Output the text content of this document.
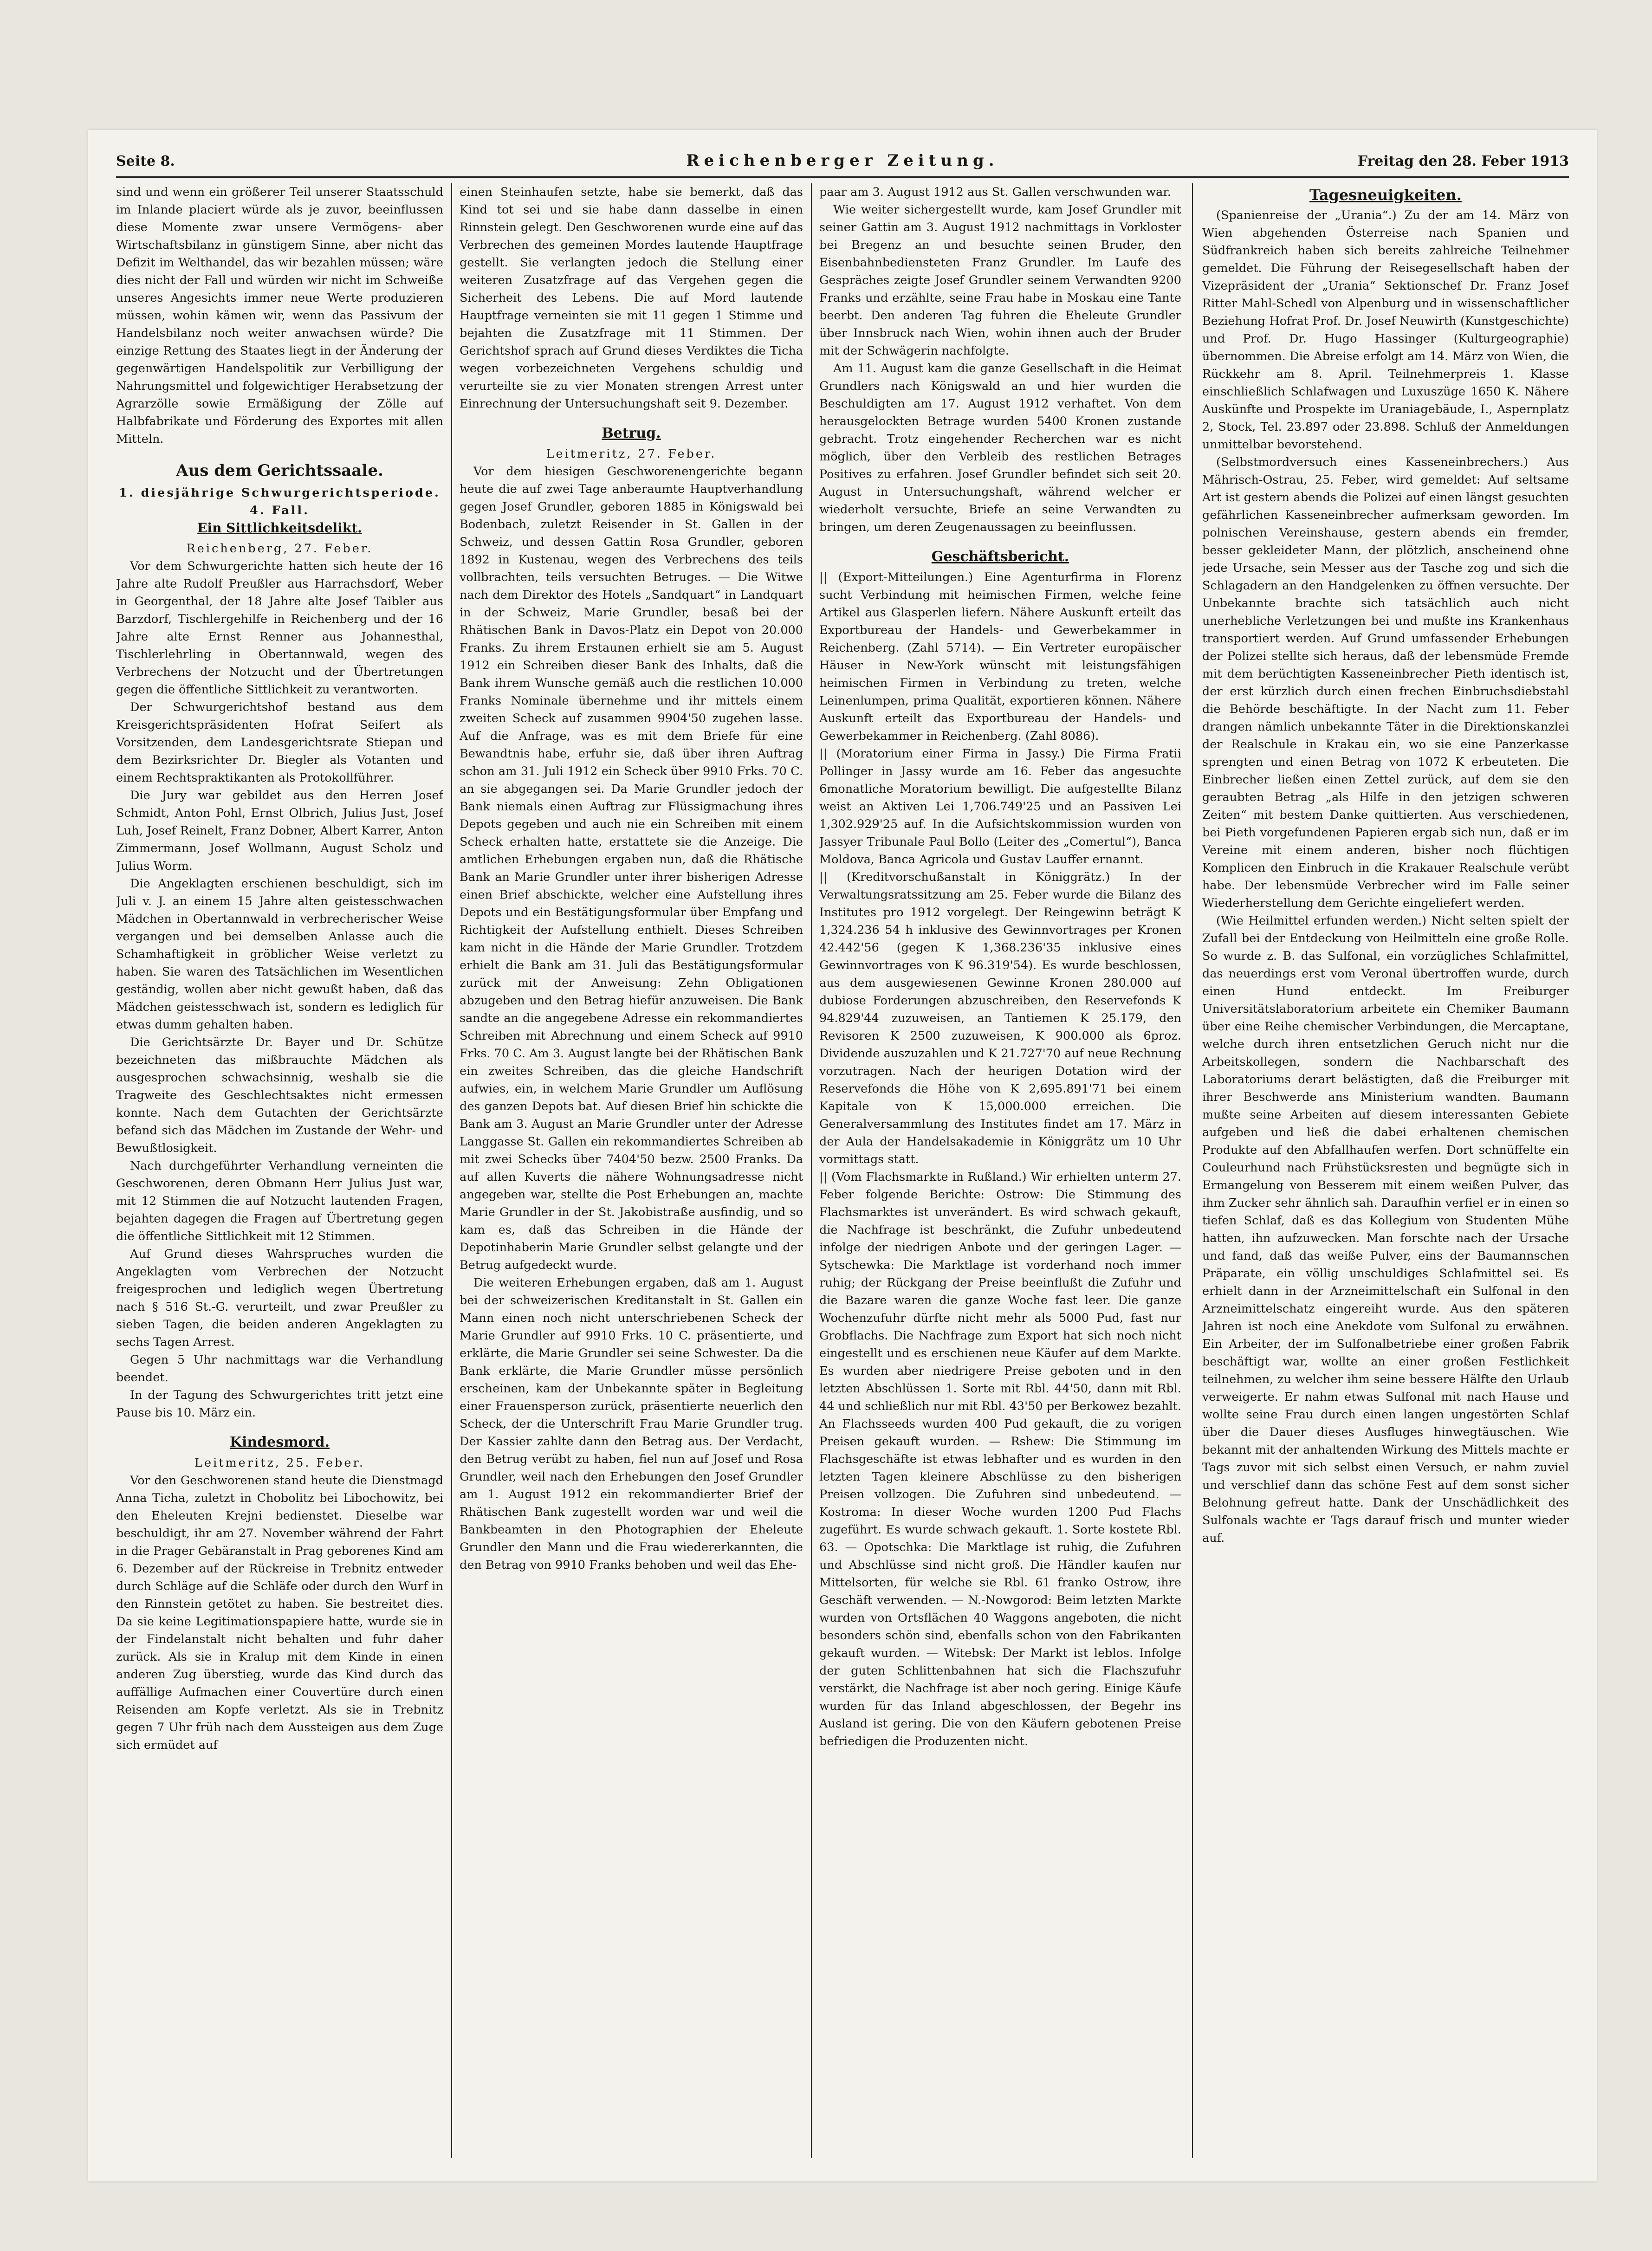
Seite 8.	Reichenberger Zeitung.	Freitag den 28. Feber 1913

sind und wenn ein größerer Teil unserer Staatsschuld im Inlande placiert würde als je zuvor, beeinflussen diese Momente zwar unsere Vermögens- aber Wirtschaftsbilanz in günstigem Sinne, aber nicht das Defizit im Welthandel, das wir bezahlen müssen; wäre dies nicht der Fall und würden wir nicht im Schweiße unseres Angesichts immer neue Werte produzieren müssen, wohin kämen wir, wenn das Passivum der Handelsbilanz noch weiter anwachsen würde? Die einzige Rettung des Staates liegt in der Änderung der gegenwärtigen Handelspolitik zur Verbilligung der Nahrungsmittel und folgewichtiger Herabsetzung der Agrarzölle sowie Ermäßigung der Zölle auf Halbfabrikate und Förderung des Exportes mit allen Mitteln.

Aus dem Gerichtssaale.
1. diesjährige Schwurgerichtsperiode. 4. Fall.
Ein Sittlichkeitsdelikt.
Reichenberg, 27. Feber.

Vor dem Schwurgerichte hatten sich heute der 16 Jahre alte Rudolf Preußler aus Harrachsdorf, Weber in Georgenthal, der 18 Jahre alte Josef Taibler aus Barzdorf, Tischlergehilfe in Reichenberg und der 16 Jahre alte Ernst Renner aus Johannesthal, Tischlerlehrling in Obertannwald, wegen des Verbrechens der Notzucht und der Übertretungen gegen die öffentliche Sittlichkeit zu verantworten.

Der Schwurgerichtshof bestand aus dem Kreisgerichtspräsidenten Hofrat Seifert als Vorsitzenden, dem Landesgerichtsrate Stiepan und dem Bezirksrichter Dr. Biegler als Votanten und einem Rechtspraktikanten als Protokollführer.

Die Jury war gebildet aus den Herren Josef Schmidt, Anton Pohl, Ernst Olbrich, Julius Just, Josef Luh, Josef Reinelt, Franz Dobner, Albert Karrer, Anton Zimmermann, Josef Wollmann, August Scholz und Julius Worm.

Die Angeklagten erschienen beschuldigt, sich im Juli v. J. an einem 15 Jahre alten geistesschwachen Mädchen in Obertannwald in verbrecherischer Weise vergangen und bei demselben Anlasse auch die Schamhaftigkeit in gröblicher Weise verletzt zu haben. Sie waren des Tatsächlichen im Wesentlichen geständig, wollen aber nicht gewußt haben, daß das Mädchen geistesschwach ist, sondern es lediglich für etwas dumm gehalten haben.

Die Gerichtsärzte Dr. Bayer und Dr. Schütze bezeichneten das mißbrauchte Mädchen als ausgesprochen schwachsinnig, weshalb sie die Tragweite des Geschlechtsaktes nicht ermessen konnte. Nach dem Gutachten der Gerichtsärzte befand sich das Mädchen im Zustande der Wehr- und Bewußtlosigkeit.

Nach durchgeführter Verhandlung verneinten die Geschworenen, deren Obmann Herr Julius Just war, mit 12 Stimmen die auf Notzucht lautenden Fragen, bejahten dagegen die Fragen auf Übertretung gegen die öffentliche Sittlichkeit mit 12 Stimmen.

Auf Grund dieses Wahrspruches wurden die Angeklagten vom Verbrechen der Notzucht freigesprochen und lediglich wegen Übertretung nach § 516 St.-G. verurteilt, und zwar Preußler zu sieben Tagen, die beiden anderen Angeklagten zu sechs Tagen Arrest.

Gegen 5 Uhr nachmittags war die Verhandlung beendet.

In der Tagung des Schwurgerichtes tritt jetzt eine Pause bis 10. März ein.

Kindesmord.
Leitmeritz, 25. Feber.

Vor den Geschworenen stand heute die Dienstmagd Anna Ticha, zuletzt in Chobolitz bei Libochowitz, bei den Eheleuten Krejni bedienstet. Dieselbe war beschuldigt, ihr am 27. November während der Fahrt in die Prager Gebäranstalt in Prag geborenes Kind am 6. Dezember auf der Rückreise in Trebnitz entweder durch Schläge auf die Schläfe oder durch den Wurf in den Rinnstein getötet zu haben. Sie bestreitet dies. Da sie keine Legitimationspapiere hatte, wurde sie in der Findelanstalt nicht behalten und fuhr daher zurück. Als sie in Kralup mit dem Kinde in einen anderen Zug überstieg, wurde das Kind durch das auffällige Aufmachen einer Couvertüre durch einen Reisenden am Kopfe verletzt. Als sie in Trebnitz gegen 7 Uhr früh nach dem Aussteigen aus dem Zuge sich ermüdet auf

einen Steinhaufen setzte, habe sie bemerkt, daß das Kind tot sei und sie habe dann dasselbe in einen Rinnstein gelegt. Den Geschworenen wurde eine auf das Verbrechen des gemeinen Mordes lautende Hauptfrage gestellt. Sie verlangten jedoch die Stellung einer weiteren Zusatzfrage auf das Vergehen gegen die Sicherheit des Lebens. Die auf Mord lautende Hauptfrage verneinten sie mit 11 gegen 1 Stimme und bejahten die Zusatzfrage mit 11 Stimmen. Der Gerichtshof sprach auf Grund dieses Verdiktes die Ticha wegen vorbezeichneten Vergehens schuldig und verurteilte sie zu vier Monaten strengen Arrest unter Einrechnung der Untersuchungshaft seit 9. Dezember.

Betrug.
Leitmeritz, 27. Feber.

Vor dem hiesigen Geschworenengerichte begann heute die auf zwei Tage anberaumte Hauptverhandlung gegen Josef Grundler, geboren 1885 in Königswald bei Bodenbach, zuletzt Reisender in St. Gallen in der Schweiz, und dessen Gattin Rosa Grundler, geboren 1892 in Kustenau, wegen des Verbrechens des teils vollbrachten, teils versuchten Betruges. — Die Witwe nach dem Direktor des Hotels „Sandquart“ in Landquart in der Schweiz, Marie Grundler, besaß bei der Rhätischen Bank in Davos-Platz ein Depot von 20.000 Franks. Zu ihrem Erstaunen erhielt sie am 5. August 1912 ein Schreiben dieser Bank des Inhalts, daß die Bank ihrem Wunsche gemäß auch die restlichen 10.000 Franks Nominale übernehme und ihr mittels einem zweiten Scheck auf zusammen 9904'50 zugehen lasse. Auf die Anfrage, was es mit dem Briefe für eine Bewandtnis habe, erfuhr sie, daß über ihren Auftrag schon am 31. Juli 1912 ein Scheck über 9910 Frks. 70 C. an sie abgegangen sei. Da Marie Grundler jedoch der Bank niemals einen Auftrag zur Flüssigmachung ihres Depots gegeben und auch nie ein Schreiben mit einem Scheck erhalten hatte, erstattete sie die Anzeige. Die amtlichen Erhebungen ergaben nun, daß die Rhätische Bank an Marie Grundler unter ihrer bisherigen Adresse einen Brief abschickte, welcher eine Aufstellung ihres Depots und ein Bestätigungsformular über Empfang und Richtigkeit der Aufstellung enthielt. Dieses Schreiben kam nicht in die Hände der Marie Grundler. Trotzdem erhielt die Bank am 31. Juli das Bestätigungsformular zurück mit der Anweisung: Zehn Obligationen abzugeben und den Betrag hiefür anzuweisen. Die Bank sandte an die angegebene Adresse ein rekommandiertes Schreiben mit Abrechnung und einem Scheck auf 9910 Frks. 70 C. Am 3. August langte bei der Rhätischen Bank ein zweites Schreiben, das die gleiche Handschrift aufwies, ein, in welchem Marie Grundler um Auflösung des ganzen Depots bat. Auf diesen Brief hin schickte die Bank am 3. August an Marie Grundler unter der Adresse Langgasse St. Gallen ein rekommandiertes Schreiben ab mit zwei Schecks über 7404'50 bezw. 2500 Franks. Da auf allen Kuverts die nähere Wohnungsadresse nicht angegeben war, stellte die Post Erhebungen an, machte Marie Grundler in der St. Jakobistraße ausfindig, und so kam es, daß das Schreiben in die Hände der Depotinhaberin Marie Grundler selbst gelangte und der Betrug aufgedeckt wurde.

Die weiteren Erhebungen ergaben, daß am 1. August bei der schweizerischen Kreditanstalt in St. Gallen ein Mann einen noch nicht unterschriebenen Scheck der Marie Grundler auf 9910 Frks. 10 C. präsentierte, und erklärte, die Marie Grundler sei seine Schwester. Da die Bank erklärte, die Marie Grundler müsse persönlich erscheinen, kam der Unbekannte später in Begleitung einer Frauensperson zurück, präsentierte neuerlich den Scheck, der die Unterschrift Frau Marie Grundler trug. Der Kassier zahlte dann den Betrag aus. Der Verdacht, den Betrug verübt zu haben, fiel nun auf Josef und Rosa Grundler, weil nach den Erhebungen den Josef Grundler am 1. August 1912 ein rekommandierter Brief der Rhätischen Bank zugestellt worden war und weil die Bankbeamten in den Photographien der Eheleute Grundler den Mann und die Frau wiedererkannten, die den Betrag von 9910 Franks behoben und weil das Ehe-

paar am 3. August 1912 aus St. Gallen verschwunden war.

Wie weiter sichergestellt wurde, kam Josef Grundler mit seiner Gattin am 3. August 1912 nachmittags in Vorkloster bei Bregenz an und besuchte seinen Bruder, den Eisenbahnbediensteten Franz Grundler. Im Laufe des Gespräches zeigte Josef Grundler seinem Verwandten 9200 Franks und erzählte, seine Frau habe in Moskau eine Tante beerbt. Den anderen Tag fuhren die Eheleute Grundler über Innsbruck nach Wien, wohin ihnen auch der Bruder mit der Schwägerin nachfolgte.

Am 11. August kam die ganze Gesellschaft in die Heimat Grundlers nach Königswald an und hier wurden die Beschuldigten am 17. August 1912 verhaftet. Von dem herausgelockten Betrage wurden 5400 Kronen zustande gebracht. Trotz eingehender Recherchen war es nicht möglich, über den Verbleib des restlichen Betrages Positives zu erfahren. Josef Grundler befindet sich seit 20. August in Untersuchungshaft, während welcher er wiederholt versuchte, Briefe an seine Verwandten zu bringen, um deren Zeugenaussagen zu beeinflussen.

Geschäftsbericht.

|| (Export-Mitteilungen.) Eine Agenturfirma in Florenz sucht Verbindung mit heimischen Firmen, welche feine Artikel aus Glasperlen liefern. Nähere Auskunft erteilt das Exportbureau der Handels- und Gewerbekammer in Reichenberg. (Zahl 5714). — Ein Vertreter europäischer Häuser in New-York wünscht mit leistungsfähigen heimischen Firmen in Verbindung zu treten, welche Leinenlumpen, prima Qualität, exportieren können. Nähere Auskunft erteilt das Exportbureau der Handels- und Gewerbekammer in Reichenberg. (Zahl 8086).

|| (Moratorium einer Firma in Jassy.) Die Firma Fratii Pollinger in Jassy wurde am 16. Feber das angesuchte 6monatliche Moratorium bewilligt. Die aufgestellte Bilanz weist an Aktiven Lei 1,706.749'25 und an Passiven Lei 1,302.929'25 auf. In die Aufsichtskommission wurden von Jassyer Tribunale Paul Bollo (Leiter des „Comertul“), Banca Moldova, Banca Agricola und Gustav Lauffer ernannt.

|| (Kreditvorschußanstalt in Königgrätz.) In der Verwaltungsratssitzung am 25. Feber wurde die Bilanz des Institutes pro 1912 vorgelegt. Der Reingewinn beträgt K 1,324.236 54 h inklusive des Gewinnvortrages per Kronen 42.442'56 (gegen K 1,368.236'35 inklusive eines Gewinnvortrages von K 96.319'54). Es wurde beschlossen, aus dem ausgewiesenen Gewinne Kronen 280.000 auf dubiose Forderungen abzuschreiben, den Reservefonds K 94.829'44 zuzuweisen, an Tantiemen K 25.179, den Revisoren K 2500 zuzuweisen, K 900.000 als 6proz. Dividende auszuzahlen und K 21.727'70 auf neue Rechnung vorzutragen. Nach der heurigen Dotation wird der Reservefonds die Höhe von K 2,695.891'71 bei einem Kapitale von K 15,000.000 erreichen. Die Generalversammlung des Institutes findet am 17. März in der Aula der Handelsakademie in Königgrätz um 10 Uhr vormittags statt.

|| (Vom Flachsmarkte in Rußland.) Wir erhielten unterm 27. Feber folgende Berichte: Ostrow: Die Stimmung des Flachsmarktes ist unverändert. Es wird schwach gekauft, die Nachfrage ist beschränkt, die Zufuhr unbedeutend infolge der niedrigen Anbote und der geringen Lager. — Sytschewka: Die Marktlage ist vorderhand noch immer ruhig; der Rückgang der Preise beeinflußt die Zufuhr und die Bazare waren die ganze Woche fast leer. Die ganze Wochenzufuhr dürfte nicht mehr als 5000 Pud, fast nur Grobflachs. Die Nachfrage zum Export hat sich noch nicht eingestellt und es erschienen neue Käufer auf dem Markte. Es wurden aber niedrigere Preise geboten und in den letzten Abschlüssen 1. Sorte mit Rbl. 44'50, dann mit Rbl. 44 und schließlich nur mit Rbl. 43'50 per Berkowez bezahlt. An Flachsseeds wurden 400 Pud gekauft, die zu vorigen Preisen gekauft wurden. — Rshew: Die Stimmung im Flachsgeschäfte ist etwas lebhafter und es wurden in den letzten Tagen kleinere Abschlüsse zu den bisherigen Preisen vollzogen. Die Zufuhren sind unbedeutend. — Kostroma: In dieser Woche wurden 1200 Pud Flachs zugeführt. Es wurde schwach gekauft. 1. Sorte kostete Rbl. 63. — Opotschka: Die Marktlage ist ruhig, die Zufuhren und Abschlüsse sind nicht groß. Die Händler kaufen nur Mittelsorten, für welche sie Rbl. 61 franko Ostrow, ihre Geschäft verwenden. — N.-Nowgorod: Beim letzten Markte wurden von Ortsflächen 40 Waggons angeboten, die nicht besonders schön sind, ebenfalls schon von den Fabrikanten gekauft wurden. — Witebsk: Der Markt ist leblos. Infolge der guten Schlittenbahnen hat sich die Flachszufuhr verstärkt, die Nachfrage ist aber noch gering. Einige Käufe wurden für das Inland abgeschlossen, der Begehr ins Ausland ist gering. Die von den Käufern gebotenen Preise befriedigen die Produzenten nicht.

Tagesneuigkeiten.

(Spanienreise der „Urania“.) Zu der am 14. März von Wien abgehenden Österreise nach Spanien und Südfrankreich haben sich bereits zahlreiche Teilnehmer gemeldet. Die Führung der Reisegesellschaft haben der Vizepräsident der „Urania“ Sektionschef Dr. Franz Josef Ritter Mahl-Schedl von Alpenburg und in wissenschaftlicher Beziehung Hofrat Prof. Dr. Josef Neuwirth (Kunstgeschichte) und Prof. Dr. Hugo Hassinger (Kulturgeographie) übernommen. Die Abreise erfolgt am 14. März von Wien, die Rückkehr am 8. April. Teilnehmerpreis 1. Klasse einschließlich Schlafwagen und Luxuszüge 1650 K. Nähere Auskünfte und Prospekte im Uraniagebäude, I., Aspernplatz 2, Stock, Tel. 23.897 oder 23.898. Schluß der Anmeldungen unmittelbar bevorstehend.

(Selbstmordversuch eines Kasseneinbrechers.) Aus Mährisch-Ostrau, 25. Feber, wird gemeldet: Auf seltsame Art ist gestern abends die Polizei auf einen längst gesuchten gefährlichen Kasseneinbrecher aufmerksam geworden. Im polnischen Vereinshause, gestern abends ein fremder, besser gekleideter Mann, der plötzlich, anscheinend ohne jede Ursache, sein Messer aus der Tasche zog und sich die Schlagadern an den Handgelenken zu öffnen versuchte. Der Unbekannte brachte sich tatsächlich auch nicht unerhebliche Verletzungen bei und mußte ins Krankenhaus transportiert werden. Auf Grund umfassender Erhebungen der Polizei stellte sich heraus, daß der lebensmüde Fremde mit dem berüchtigten Kasseneinbrecher Pieth identisch ist, der erst kürzlich durch einen frechen Einbruchsdiebstahl die Behörde beschäftigte. In der Nacht zum 11. Feber drangen nämlich unbekannte Täter in die Direktionskanzlei der Realschule in Krakau ein, wo sie eine Panzerkasse sprengten und einen Betrag von 1072 K erbeuteten. Die Einbrecher ließen einen Zettel zurück, auf dem sie den geraubten Betrag „als Hilfe in den jetzigen schweren Zeiten“ mit bestem Danke quittierten. Aus verschiedenen, bei Pieth vorgefundenen Papieren ergab sich nun, daß er im Vereine mit einem anderen, bisher noch flüchtigen Komplicen den Einbruch in die Krakauer Realschule verübt habe. Der lebensmüde Verbrecher wird im Falle seiner Wiederherstellung dem Gerichte eingeliefert werden.

(Wie Heilmittel erfunden werden.) Nicht selten spielt der Zufall bei der Entdeckung von Heilmitteln eine große Rolle. So wurde z. B. das Sulfonal, ein vorzügliches Schlafmittel, das neuerdings erst vom Veronal übertroffen wurde, durch einen Hund entdeckt. Im Freiburger Universitätslaboratorium arbeitete ein Chemiker Baumann über eine Reihe chemischer Verbindungen, die Mercaptane, welche durch ihren entsetzlichen Geruch nicht nur die Arbeitskollegen, sondern die Nachbarschaft des Laboratoriums derart belästigten, daß die Freiburger mit ihrer Beschwerde ans Ministerium wandten. Baumann mußte seine Arbeiten auf diesem interessanten Gebiete aufgeben und ließ die dabei erhaltenen chemischen Produkte auf den Abfallhaufen werfen. Dort schnüffelte ein Couleurhund nach Frühstücksresten und begnügte sich in Ermangelung von Besserem mit einem weißen Pulver, das ihm Zucker sehr ähnlich sah. Daraufhin verfiel er in einen so tiefen Schlaf, daß es das Kollegium von Studenten Mühe hatten, ihn aufzuwecken. Man forschte nach der Ursache und fand, daß das weiße Pulver, eins der Baumannschen Präparate, ein völlig unschuldiges Schlafmittel sei. Es erhielt dann in der Arzneimittelschaft ein Sulfonal in den Arzneimittelschatz eingereiht wurde. Aus den späteren Jahren ist noch eine Anekdote vom Sulfonal zu erwähnen. Ein Arbeiter, der im Sulfonalbetriebe einer großen Fabrik beschäftigt war, wollte an einer großen Festlichkeit teilnehmen, zu welcher ihm seine bessere Hälfte den Urlaub verweigerte. Er nahm etwas Sulfonal mit nach Hause und wollte seine Frau durch einen langen ungestörten Schlaf über die Dauer dieses Ausfluges hinwegtäuschen. Wie bekannt mit der anhaltenden Wirkung des Mittels machte er Tags zuvor mit sich selbst einen Versuch, er nahm zuviel und verschlief dann das schöne Fest auf dem sonst sicher Belohnung gefreut hatte. Dank der Unschädlichkeit des Sulfonals wachte er Tags darauf frisch und munter wieder auf.
